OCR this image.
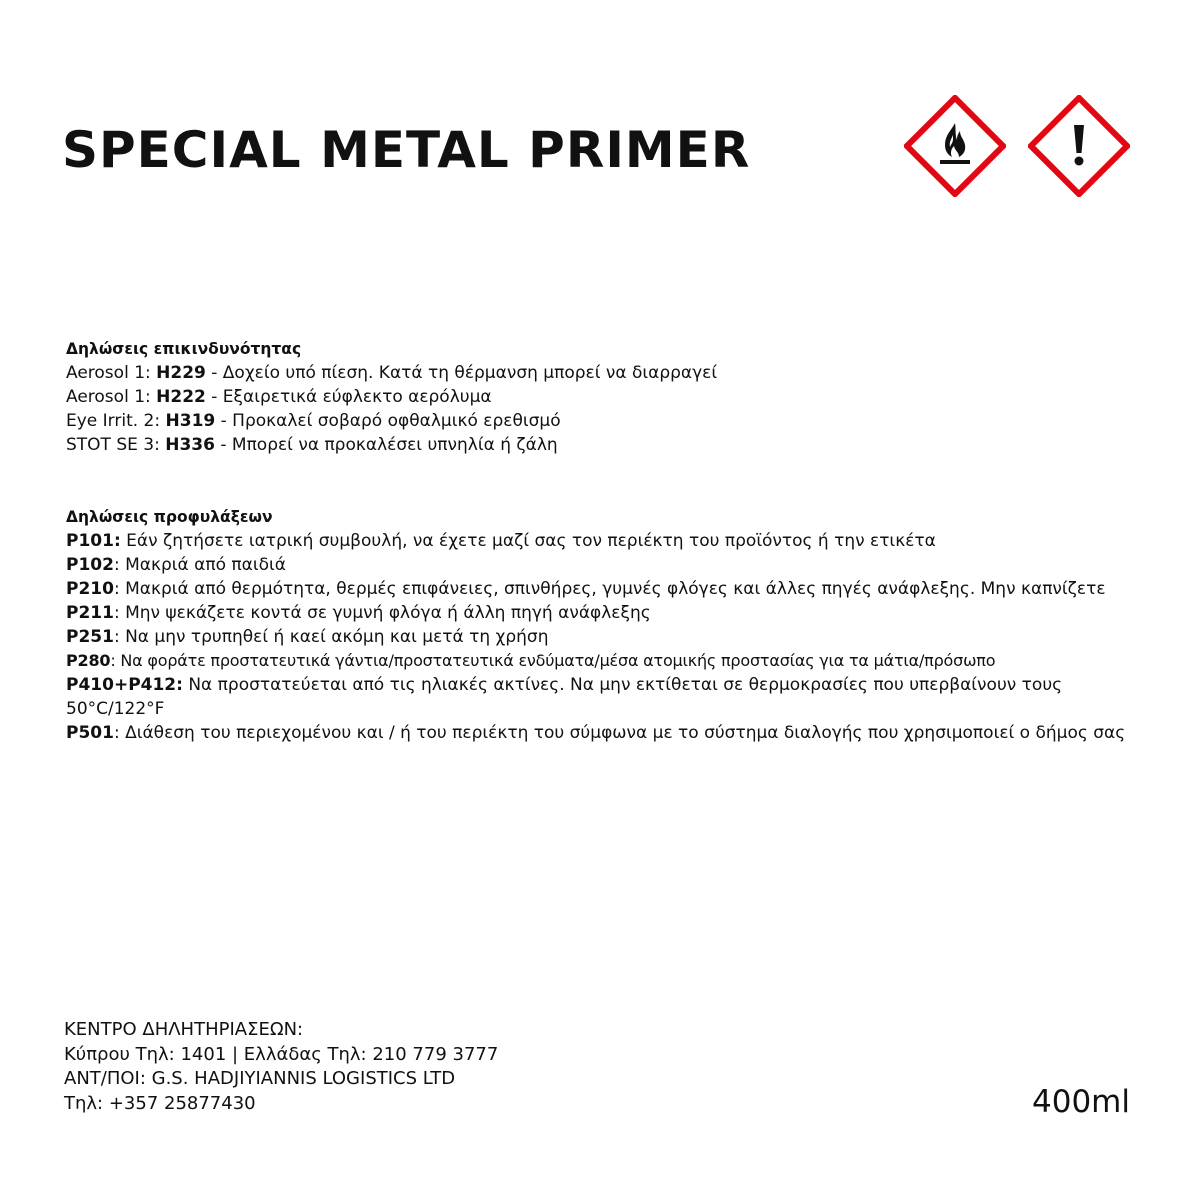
SPECIAL METAL PRIMER

Δηλώσεις επικινδυνότητας

Aerosol 1: H229 - Δοχείο υπό πίεση. Κατά τη θέρμανση μπορεί να διαρραγεί

Aerosol 1: H222 - Εξαιρετικά εύφλεκτο αερόλυμα

Eye Irrit. 2: H319 - Προκαλεί σοβαρό οφθαλμικό ερεθισμό

STOT SE 3: H336 - Μπορεί να προκαλέσει υπνηλία ή ζάλη

Δηλώσεις προφυλάξεων

P101: Εάν ζητήσετε ιατρική συμβουλή, να έχετε μαζί σας τον περιέκτη του προϊόντος ή την ετικέτα

P102: Μακριά από παιδιά

P210: Μακριά από θερμότητα, θερμές επιφάνειες, σπινθήρες, γυμνές φλόγες και άλλες πηγές ανάφλεξης. Μην καπνίζετε

P211: Μην ψεκάζετε κοντά σε γυμνή φλόγα ή άλλη πηγή ανάφλεξης

P251: Να μην τρυπηθεί ή καεί ακόμη και μετά τη χρήση

P280: Να φοράτε προστατευτικά γάντια/προστατευτικά ενδύματα/μέσα ατομικής προστασίας για τα μάτια/πρόσωπο

P410+P412: Να προστατεύεται από τις ηλιακές ακτίνες. Να μην εκτίθεται σε θερμοκρασίες που υπερβαίνουν τους 50°C/122°F

P501: Διάθεση του περιεχομένου και / ή του περιέκτη του σύμφωνα με το σύστημα διαλογής που χρησιμοποιεί ο δήμος σας

ΚΕΝΤΡΟ ΔΗΛΗΤΗΡΙΑΣΕΩΝ:

Κύπρου Τηλ: 1401 | Ελλάδας Τηλ: 210 779 3777

ΑΝΤ/ΠΟΙ: G.S. HADJIYIANNIS LOGISTICS LTD

Τηλ: +357 25877430	400ml
